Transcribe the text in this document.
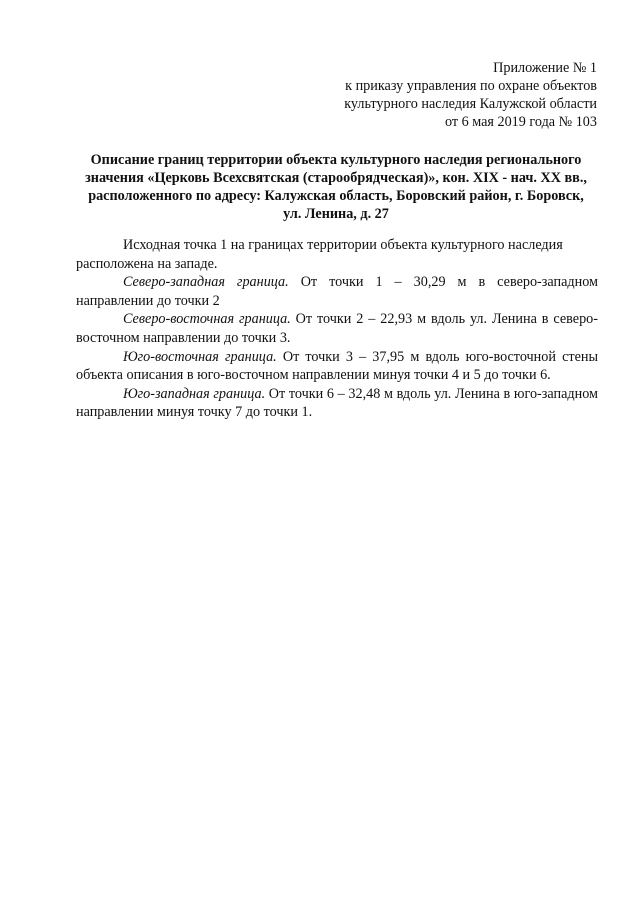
Приложение № 1
к приказу управления по охране объектов
культурного наследия Калужской области
от 6 мая 2019 года № 103
Описание границ территории объекта культурного наследия регионального
значения «Церковь Всехсвятская (старообрядческая)», кон. XIX - нач. XX вв.,
расположенного по адресу: Калужская область, Боровский район, г. Боровск,
ул. Ленина, д. 27
Исходная точка 1 на границах территории объекта культурного наследия
расположена на западе.
Северо-западная граница. От точки 1 – 30,29 м в северо-западном
направлении до точки 2
Северо-восточная граница. От точки 2 – 22,93 м вдоль ул. Ленина в северо-
восточном направлении до точки 3.
Юго-восточная граница. От точки 3 – 37,95 м вдоль юго-восточной стены
объекта описания в юго-восточном направлении минуя точки 4 и 5 до точки 6.
Юго-западная граница. От точки 6 – 32,48 м вдоль ул. Ленина в юго-западном
направлении минуя точку 7 до точки 1.
